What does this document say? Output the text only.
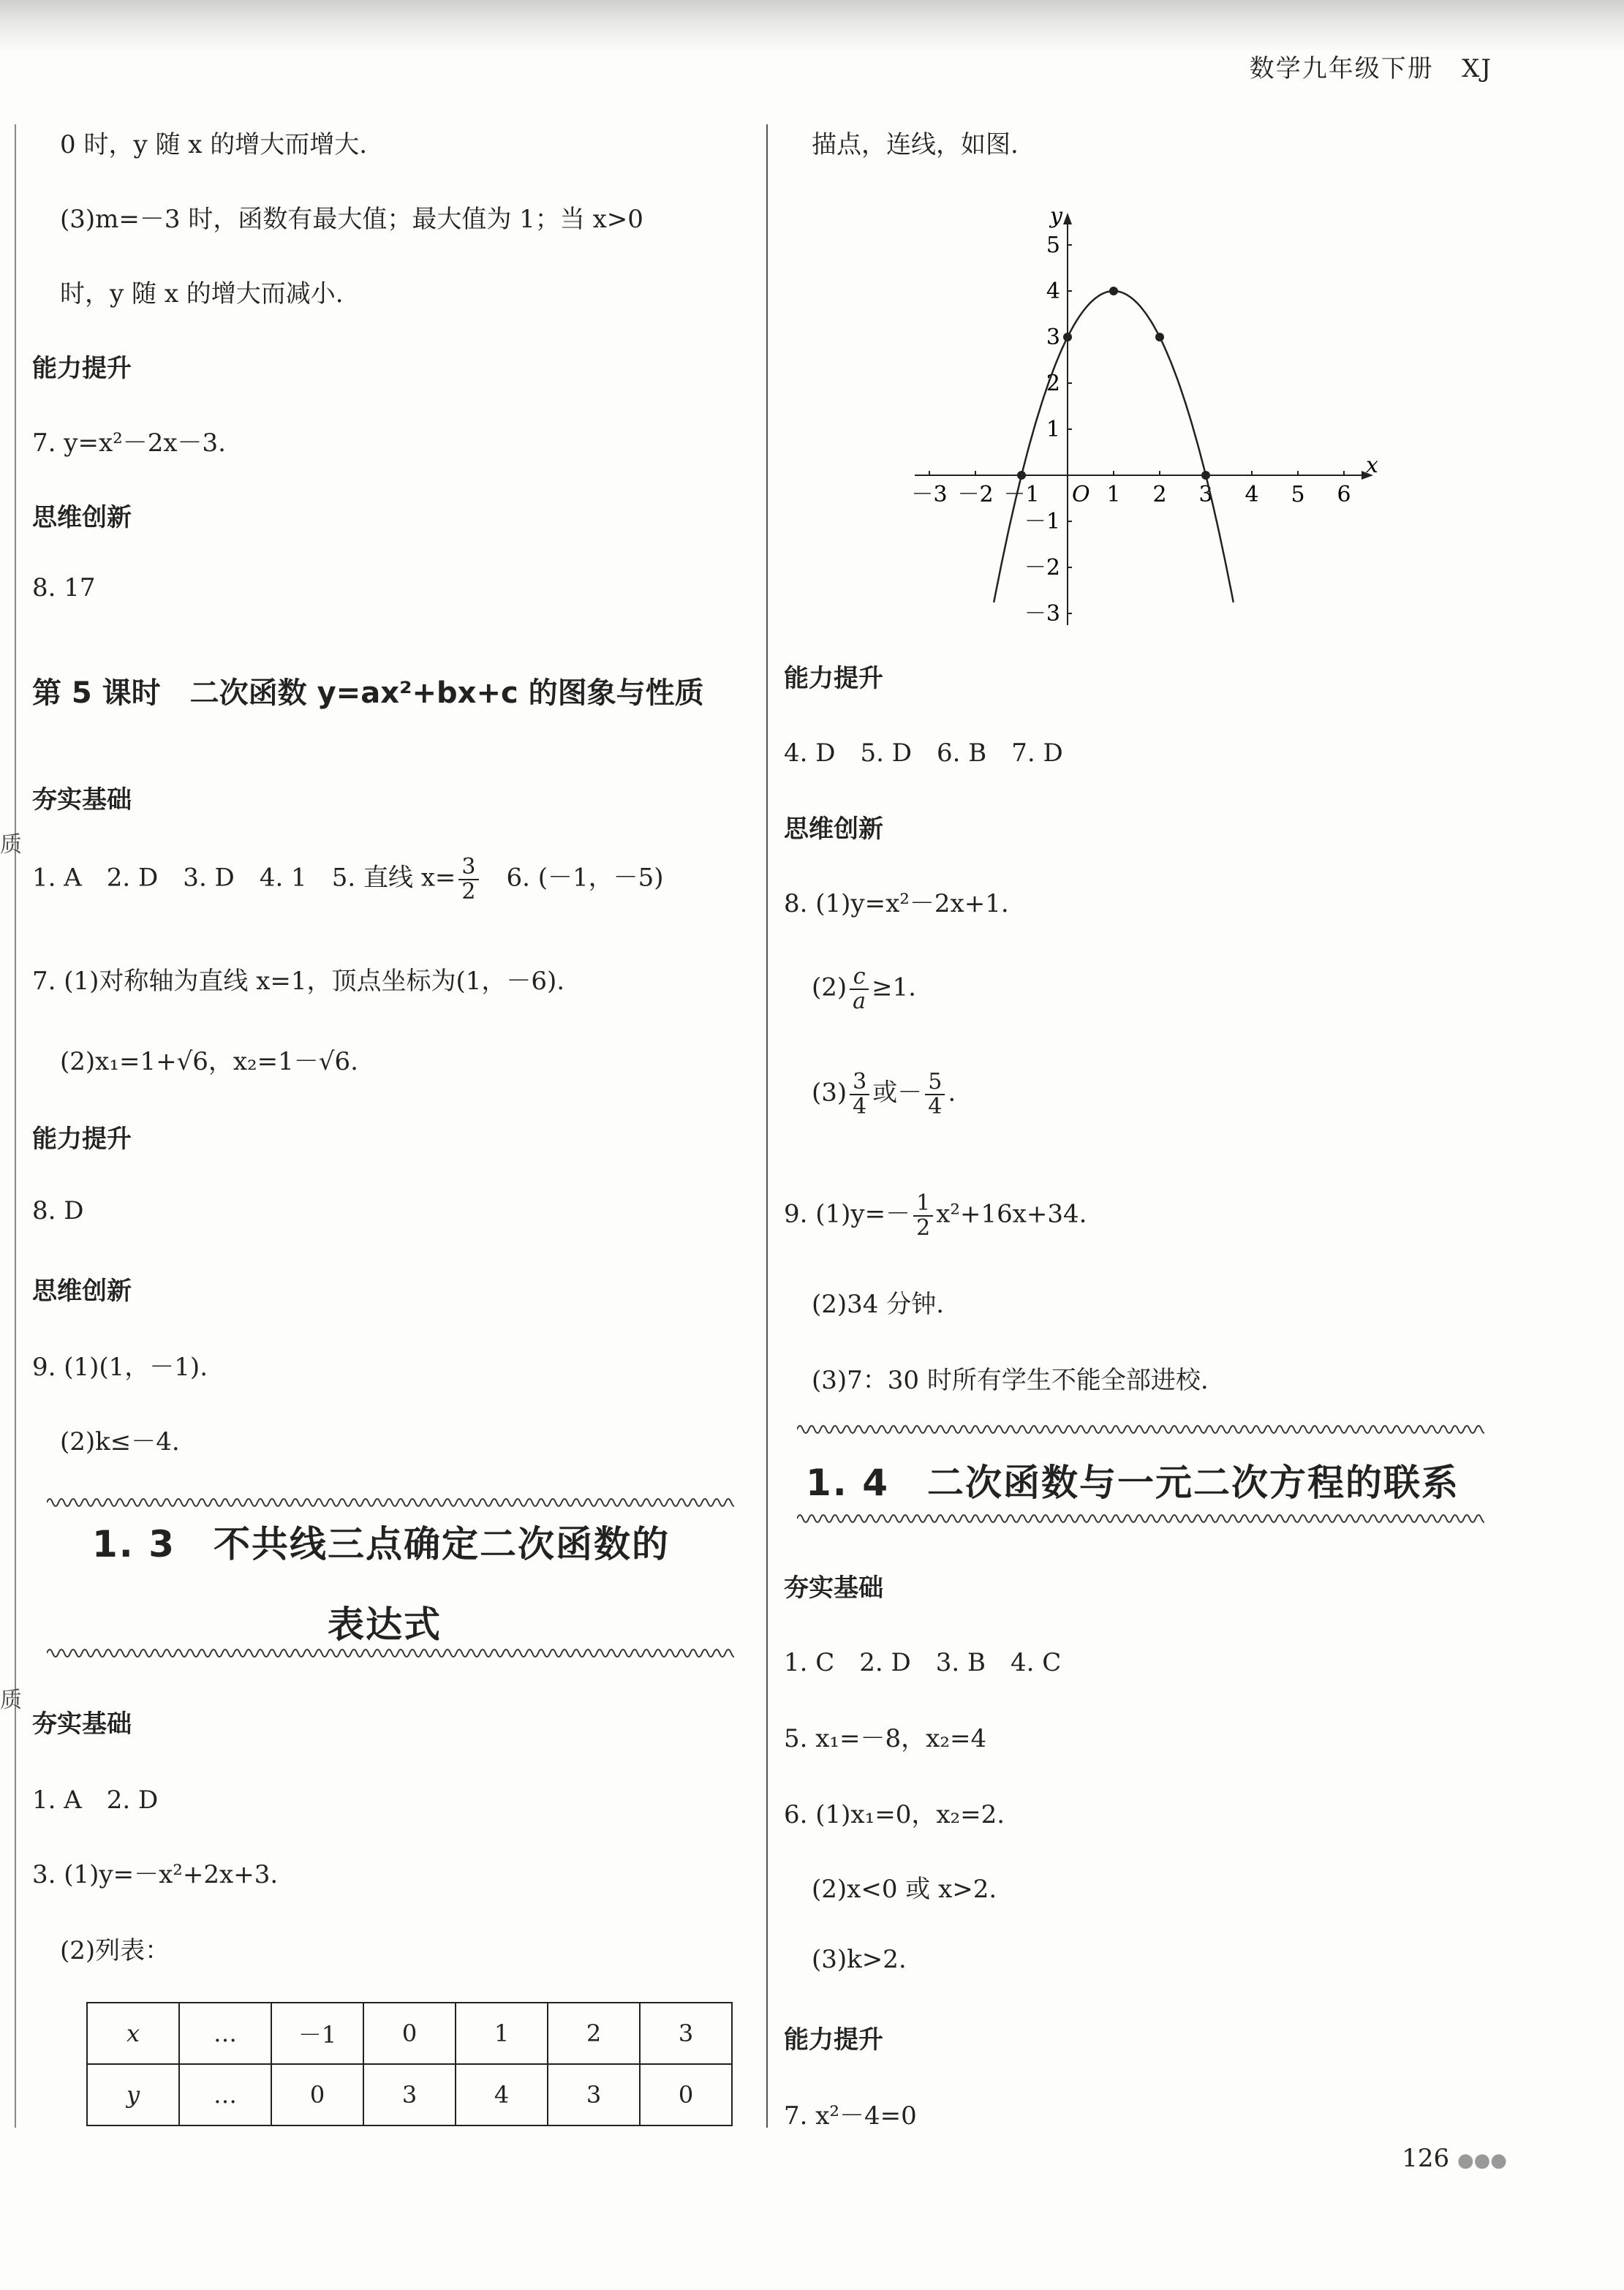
数学九年级下册 XJ
质
质
0 时，y 随 x 的增大而增大.
(3)m=－3 时，函数有最大值；最大值为 1；当 x>0
时，y 随 x 的增大而减小.
能力提升
7. y=x²－2x－3.
思维创新
8. 17
第 5 课时　二次函数 y=ax²+bx+c 的图象与性质
夯实基础
1. A　2. D　3. D　4. 1　5. 直线 $x= \frac{3}{2}$ 　6. (－1，－5)
7. (1)对称轴为直线 x=1，顶点坐标为(1，－6).
(2)x₁=1+√6，x₂=1－√6.
能力提升
8. D
思维创新
9. (1)(1，－1).
(2)k≤－4.
1. 3　不共线三点确定二次函数的
表达式
夯实基础
1. A　2. D
3. (1)y=－x²+2x+3.
(2)列表：
x	…	－1	0	1	2	3
y	…	0	3	4	3	0
描点，连线，如图.
x
y
O
－3 －2 －1	1 2 3 4 5 6
－3
－2
－1
1
2
3
4
5
能力提升
4. D　5. D　6. B　7. D
思维创新
8. (1)y=x²－2x+1.
$(2) \frac{c}{a} \ge 1$.
$(3) \frac{3}{4}$ 或－ $\frac{5}{4}$ .
9. $(1)y=- \frac{1}{2} x^2+16x+34$.
(2)34 分钟.
(3)7：30 时所有学生不能全部进校.
1. 4　二次函数与一元二次方程的联系
夯实基础
1. C　2. D　3. B　4. C
5. x₁=－8，x₂=4
6. (1)x₁=0，x₂=2.
(2)x<0 或 x>2.
(3)k>2.
能力提升
7. x²－4=0
126 ●●●
